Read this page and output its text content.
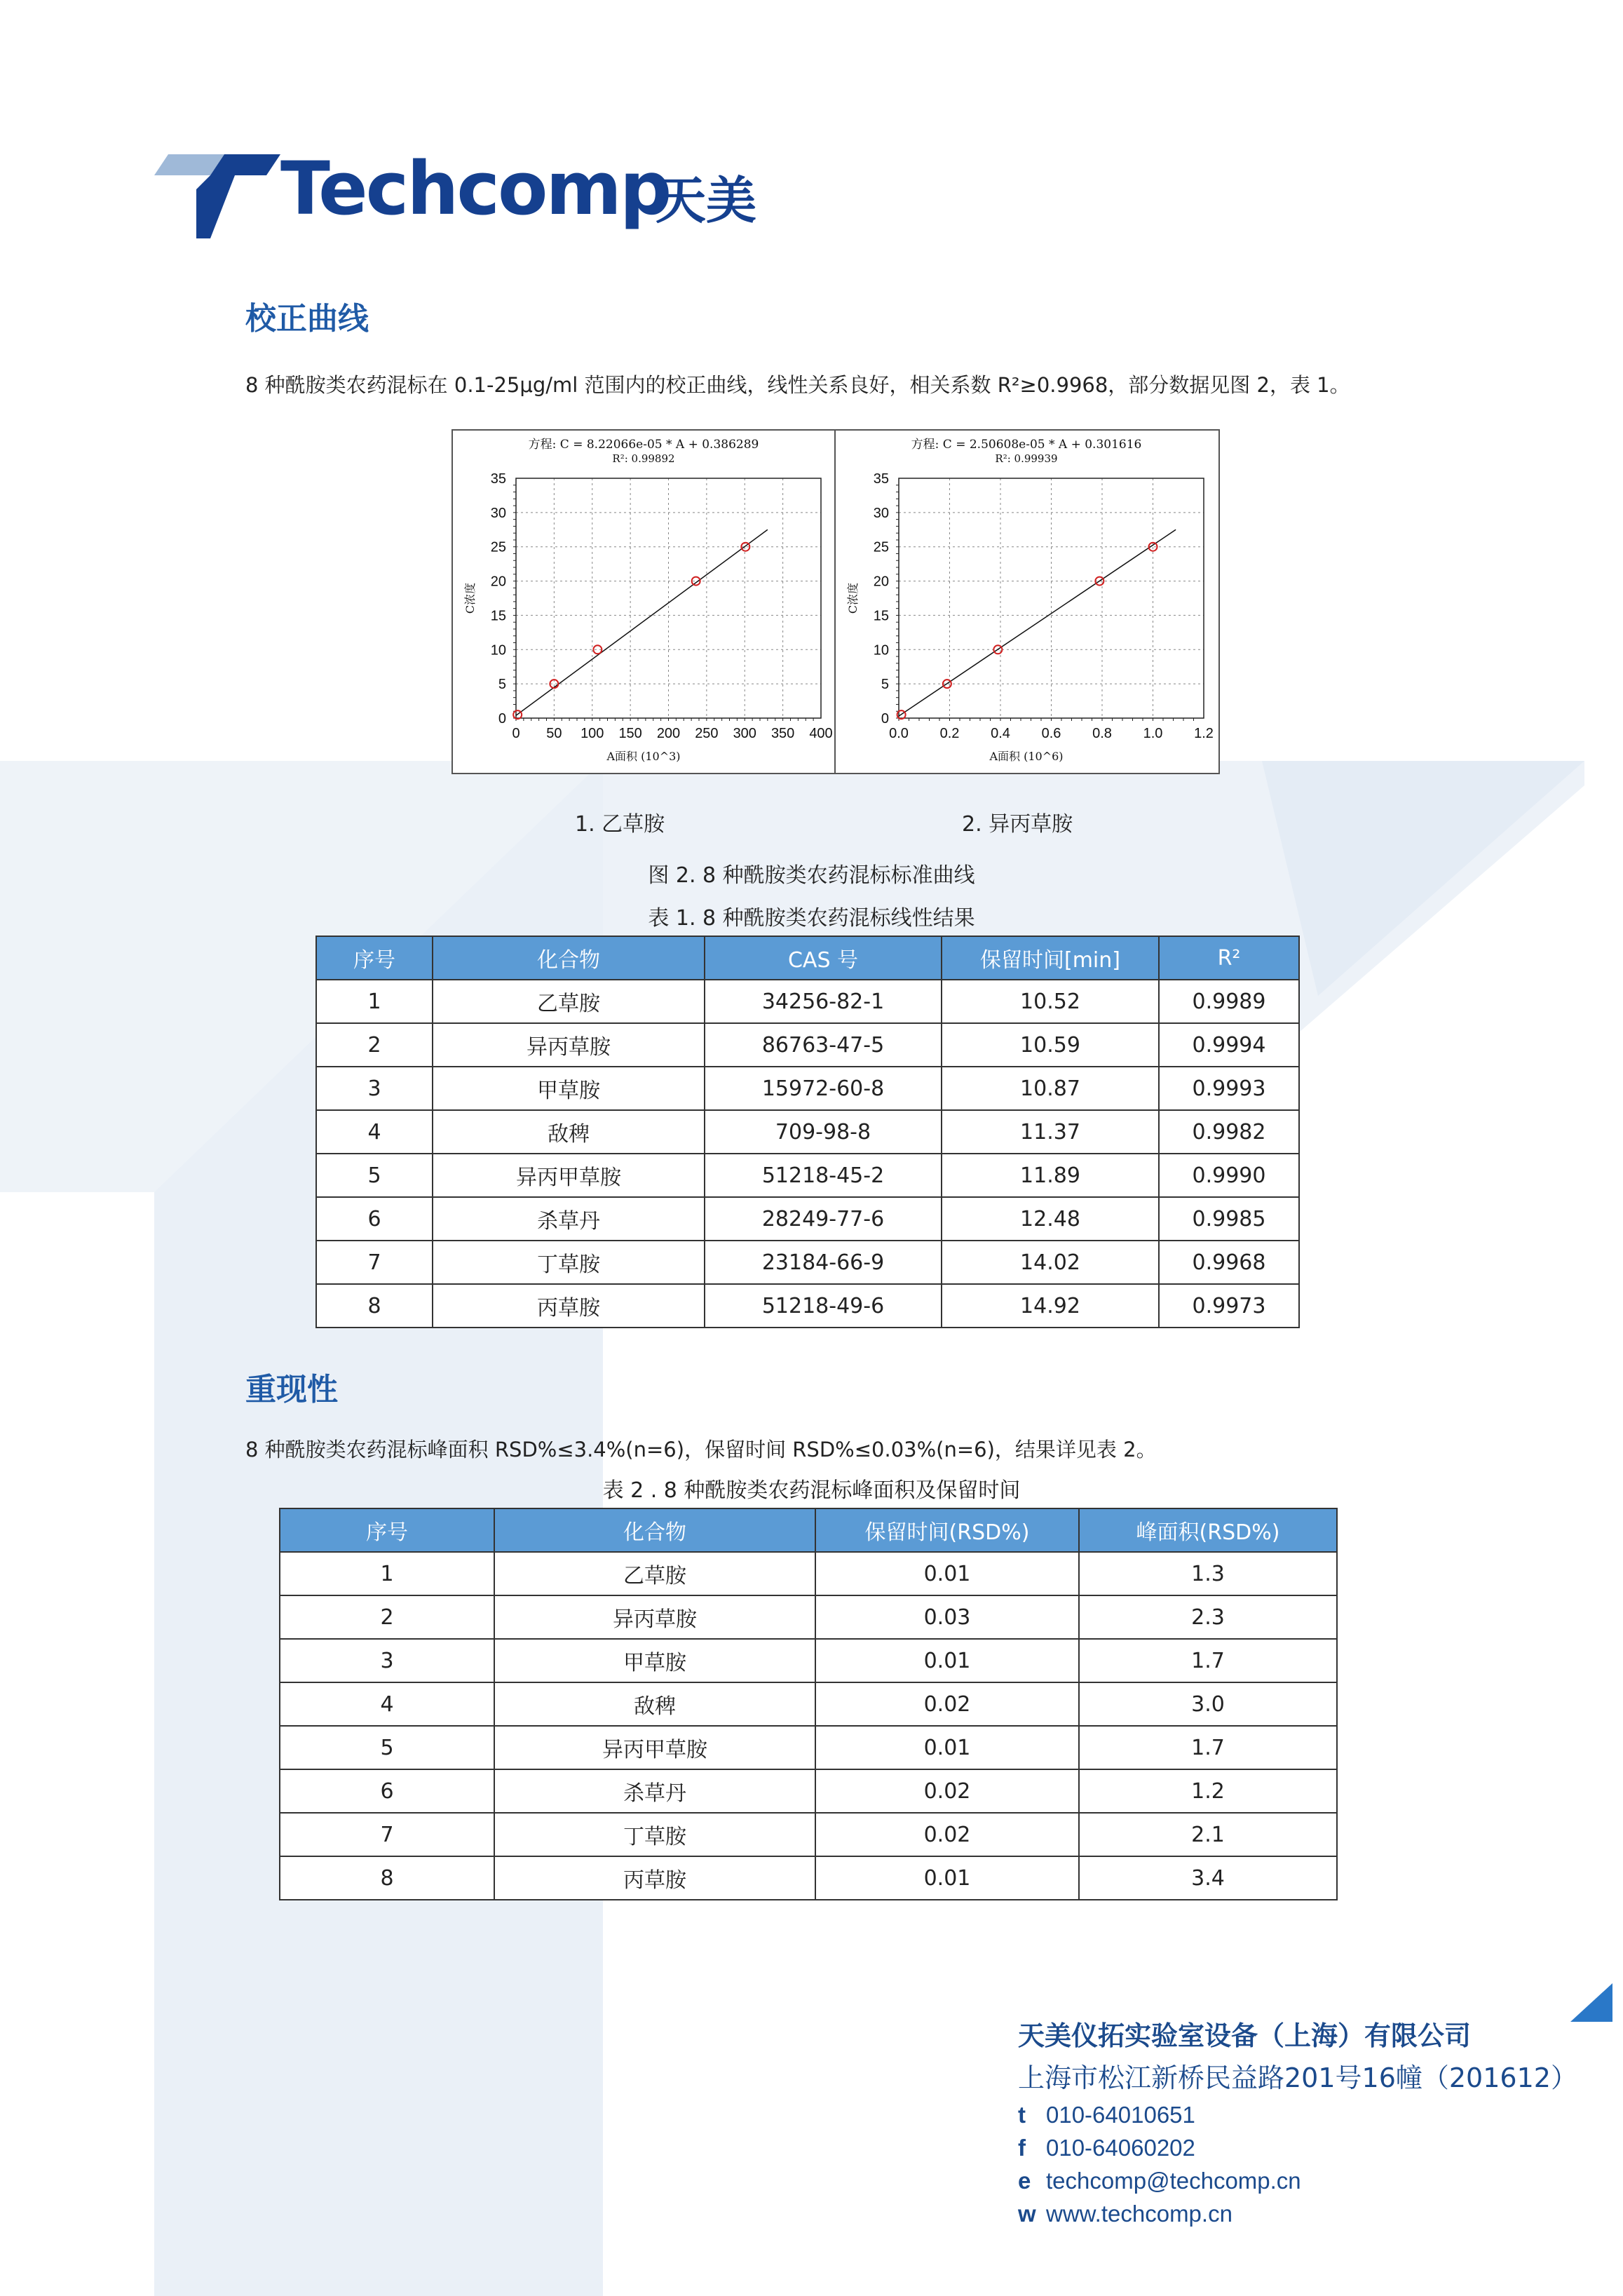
Techcomp
天美
校正曲线
8 种酰胺类农药混标在 0.1-25μg/ml 范围内的校正曲线，线性关系良好，相关系数 R²≥0.9968，部分数据见图 2，表 1。
方程: C = 8.22066e-05 * A + 0.386289
R²: 0.99892
0 50 100 150 200 250 300 350 400
0
5
10
15
20
25
30
35
A面积 (10^3)
C浓度
方程: C = 2.50608e-05 * A + 0.301616
R²: 0.99939
0.0 0.2 0.4 0.6 0.8 1.0 1.2
0
5
10
15
20
25
30
35
A面积 (10^6)
C浓度
1. 乙草胺	2. 异丙草胺
图 2. 8 种酰胺类农药混标标准曲线
表 1. 8 种酰胺类农药混标线性结果
序号	化合物	CAS 号	保留时间[min]	R²
1	乙草胺	34256-82-1	10.52	0.9989
2	异丙草胺	86763-47-5	10.59	0.9994
3	甲草胺	15972-60-8	10.87	0.9993
4	敌稗	709-98-8	11.37	0.9982
5	异丙甲草胺	51218-45-2	11.89	0.9990
6	杀草丹	28249-77-6	12.48	0.9985
7	丁草胺	23184-66-9	14.02	0.9968
8	丙草胺	51218-49-6	14.92	0.9973
重现性
8 种酰胺类农药混标峰面积 RSD%≤3.4%(n=6)，保留时间 RSD%≤0.03%(n=6)，结果详见表 2。
表 2 . 8 种酰胺类农药混标峰面积及保留时间
序号	化合物	保留时间(RSD%)	峰面积(RSD%)
1	乙草胺	0.01	1.3
2	异丙草胺	0.03	2.3
3	甲草胺	0.01	1.7
4	敌稗	0.02	3.0
5	异丙甲草胺	0.01	1.7
6	杀草丹	0.02	1.2
7	丁草胺	0.02	2.1
8	丙草胺	0.01	3.4
天美仪拓实验室设备（上海）有限公司
上海市松江新桥民益路201号16幢（201612）
t 010-64010651
f 010-64060202
e techcomp@techcomp.cn
w www.techcomp.cn
